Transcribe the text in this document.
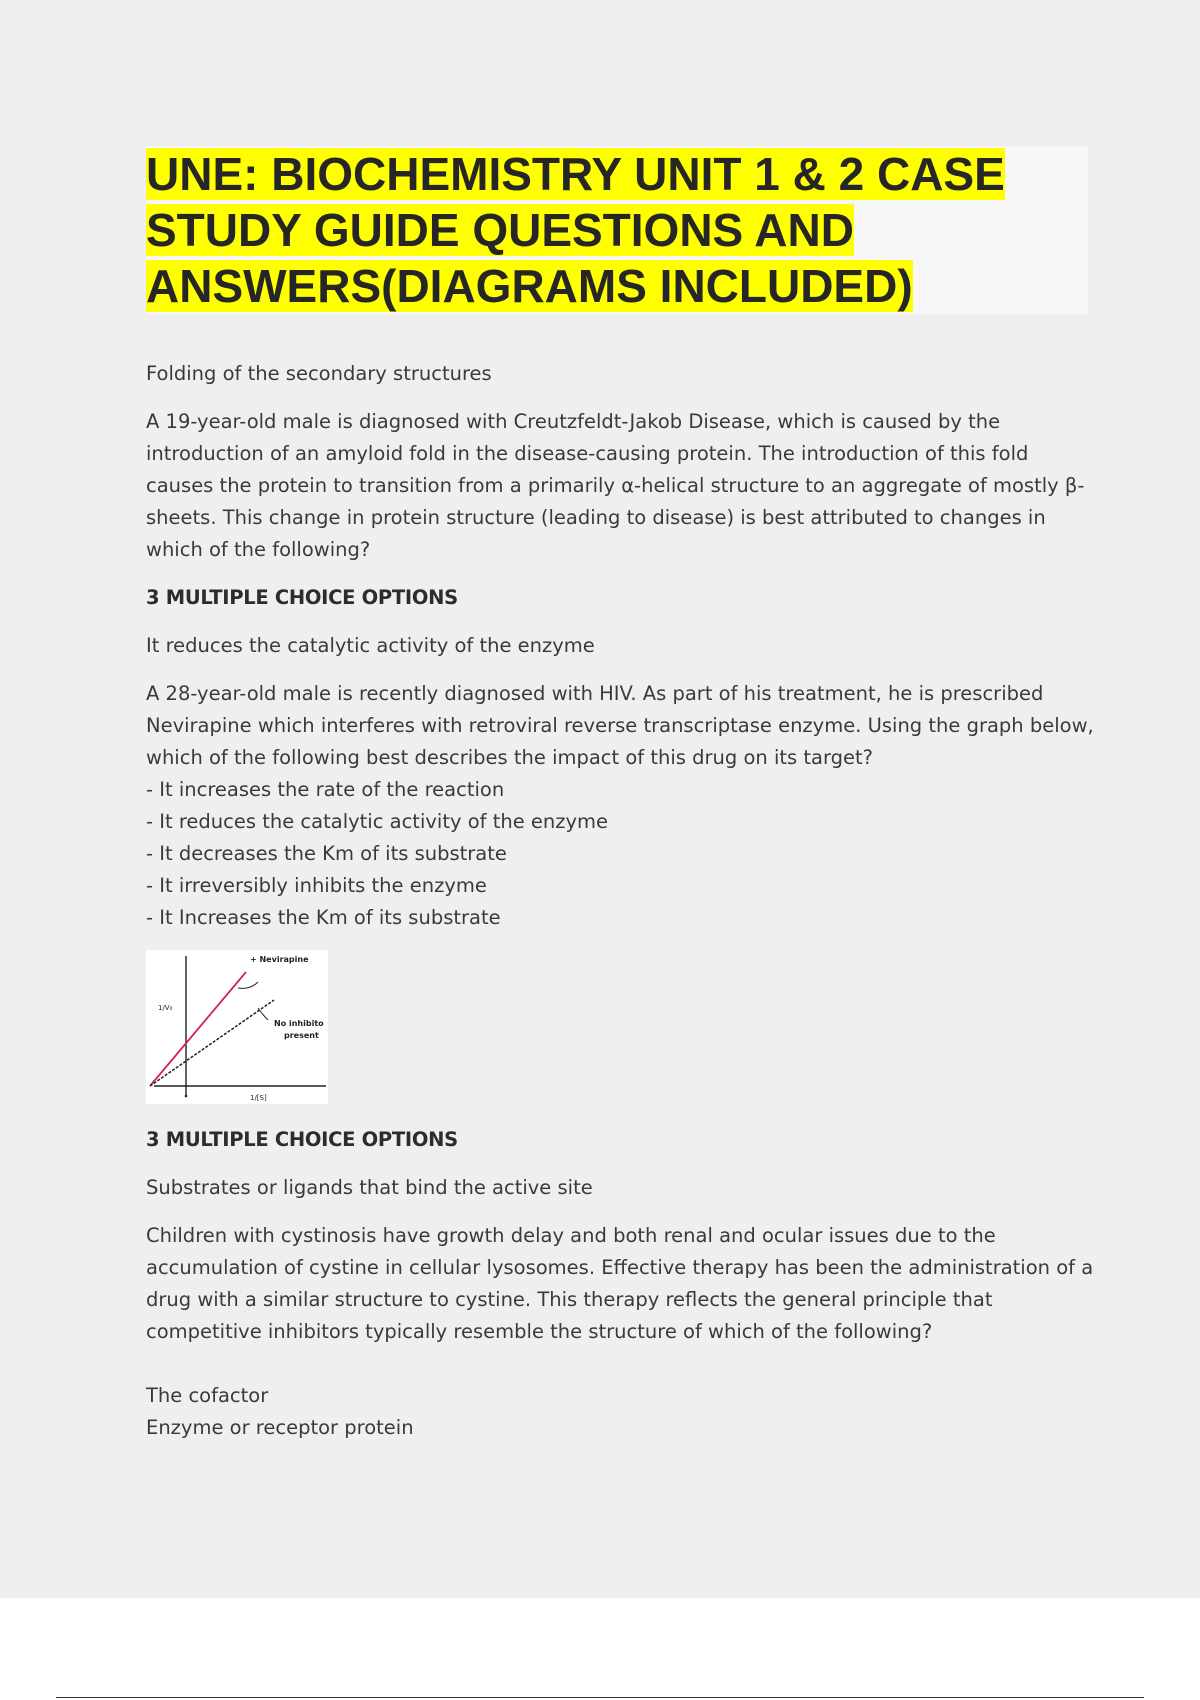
UNE: BIOCHEMISTRY UNIT 1 & 2 CASE
STUDY GUIDE QUESTIONS AND
ANSWERS(DIAGRAMS INCLUDED)

Folding of the secondary structures

A 19-year-old male is diagnosed with Creutzfeldt-Jakob Disease, which is caused by the introduction of an amyloid fold in the disease-causing protein. The introduction of this fold causes the protein to transition from a primarily α-helical structure to an aggregate of mostly β-sheets. This change in protein structure (leading to disease) is best attributed to changes in which of the following?

3 MULTIPLE CHOICE OPTIONS

It reduces the catalytic activity of the enzyme

A 28-year-old male is recently diagnosed with HIV. As part of his treatment, he is prescribed Nevirapine which interferes with retroviral reverse transcriptase enzyme. Using the graph below, which of the following best describes the impact of this drug on its target?

- It increases the rate of the reaction
- It reduces the catalytic activity of the enzyme
- It decreases the Km of its substrate
- It irreversibly inhibits the enzyme
- It Increases the Km of its substrate
+ Nevirapine
No inhibito
present
1/V₀
1/[S]

3 MULTIPLE CHOICE OPTIONS

Substrates or ligands that bind the active site

Children with cystinosis have growth delay and both renal and ocular issues due to the accumulation of cystine in cellular lysosomes. Effective therapy has been the administration of a drug with a similar structure to cystine. This therapy reflects the general principle that competitive inhibitors typically resemble the structure of which of the following?

The cofactor
Enzyme or receptor protein
